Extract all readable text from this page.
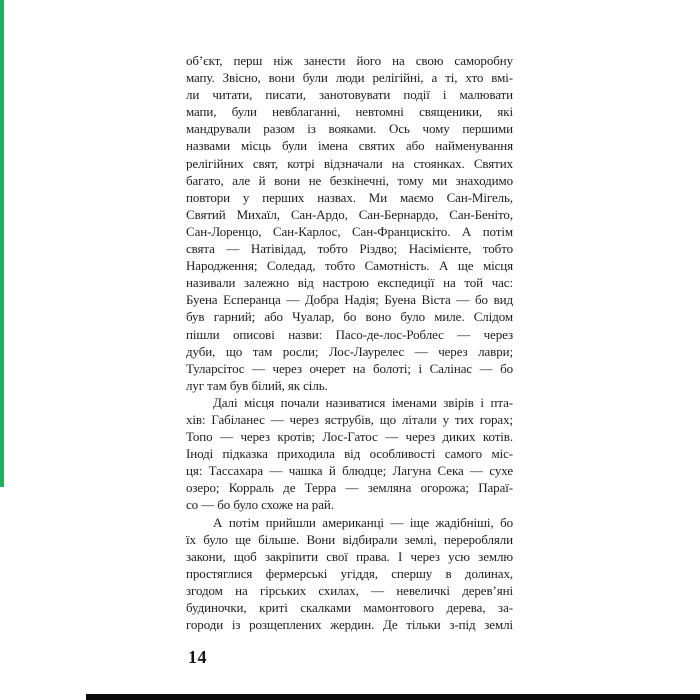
об’єкт, перш ніж занести його на свою саморобну
мапу. Звісно, вони були люди релігійні, а ті, хто вмі-
ли читати, писати, занотовувати події і малювати
мапи, були невблаганні, невтомні священики, які
мандрували разом із вояками. Ось чому першими
назвами місць були імена святих або найменування
релігійних свят, котрі відзначали на стоянках. Святих
багато, але й вони не безкінечні, тому ми знаходимо
повтори у перших назвах. Ми маємо Сан-Мігель,
Святий Михаїл, Сан-Ардо, Сан-Бернардо, Сан-Беніто,
Сан-Лоренцо, Сан-Карлос, Сан-Францискіто. А потім
свята — Натівідад, тобто Різдво; Насімієнте, тобто
Народження; Соледад, тобто Самотність. А ще місця
називали залежно від настрою експедиції на той час:
Буена Есперанца — Добра Надія; Буена Віста — бо вид
був гарний; або Чуалар, бо воно було миле. Слідом
пішли описові назви: Пасо-де-лос-Роблес — через
дуби, що там росли; Лос-Лаурелес — через лаври;
Туларсітос — через очерет на болоті; і Салінас — бо
луг там був білий, як сіль.
Далі місця почали називатися іменами звірів і пта-
хів: Габіланес — через яструбів, що літали у тих горах;
Топо — через кротів; Лос-Гатос — через диких котів.
Іноді підказка приходила від особливості самого міс-
ця: Тассахара — чашка й блюдце; Лагуна Сека — сухе
озеро; Корраль де Терра — земляна огорожа; Параї-
со — бо було схоже на рай.
А потім прийшли американці — іще жадібніші, бо
їх було ще більше. Вони відбирали землі, переробляли
закони, щоб закріпити свої права. І через усю землю
простяглися фермерські угіддя, спершу в долинах,
згодом на гірських схилах, — невеличкі дерев’яні
будиночки, криті скалками мамонтового дерева, за-
городи із розщеплених жердин. Де тільки з-під землі
14
